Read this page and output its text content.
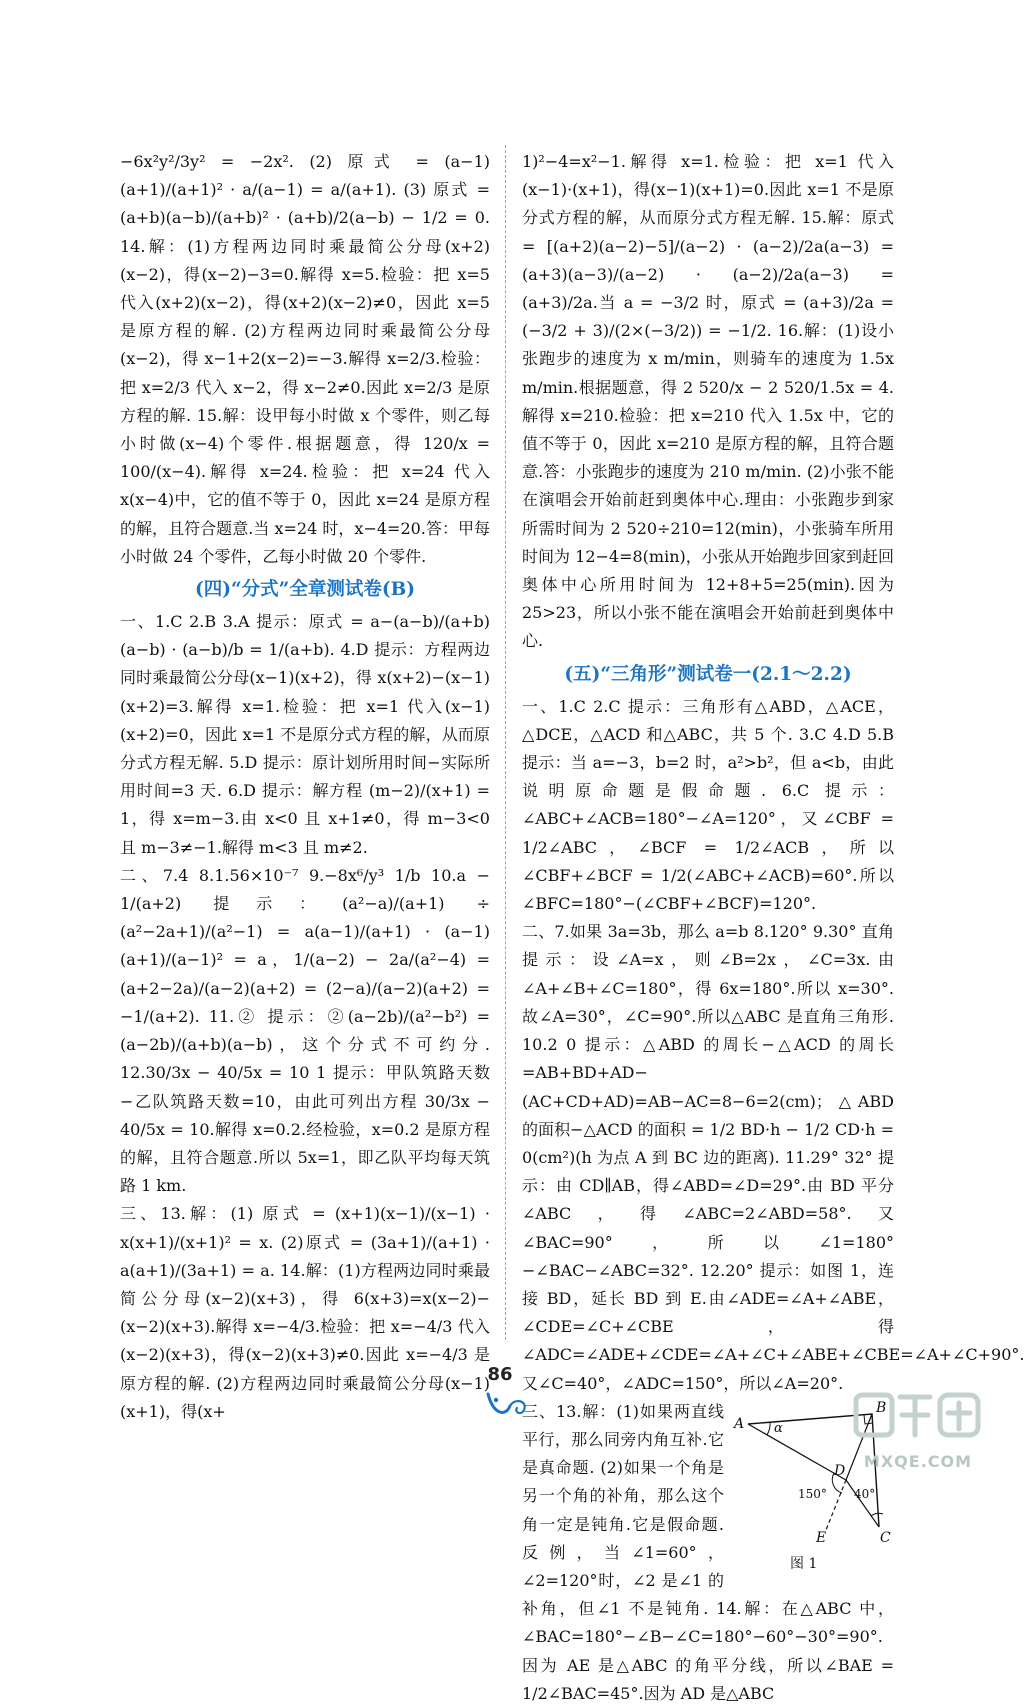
−6x²y²/3y² = −2x². (2) 原式 = (a−1)(a+1)/(a+1)² · a/(a−1) = a/(a+1). (3) 原式 = (a+b)(a−b)/(a+b)² · (a+b)/2(a−b) − 1/2 = 0. 14.解：(1)方程两边同时乘最简公分母(x+2)(x−2)，得(x−2)−3=0.解得 x=5.检验：把 x=5 代入(x+2)(x−2)，得(x+2)(x−2)≠0，因此 x=5 是原方程的解. (2)方程两边同时乘最简公分母(x−2)，得 x−1+2(x−2)=−3.解得 x=2/3.检验：把 x=2/3 代入 x−2，得 x−2≠0.因此 x=2/3 是原方程的解. 15.解：设甲每小时做 x 个零件，则乙每小时做(x−4)个零件.根据题意，得 120/x = 100/(x−4).解得 x=24.检验：把 x=24 代入 x(x−4)中，它的值不等于 0，因此 x=24 是原方程的解，且符合题意.当 x=24 时，x−4=20.答：甲每小时做 24 个零件，乙每小时做 20 个零件.

(四)“分式”全章测试卷(B)

一、1.C 2.B 3.A 提示：原式 = a−(a−b)/(a+b)(a−b) · (a−b)/b = 1/(a+b). 4.D 提示：方程两边同时乘最简公分母(x−1)(x+2)，得 x(x+2)−(x−1)(x+2)=3.解得 x=1.检验：把 x=1 代入(x−1)(x+2)=0，因此 x=1 不是原分式方程的解，从而原分式方程无解. 5.D 提示：原计划所用时间−实际所用时间=3 天. 6.D 提示：解方程 (m−2)/(x+1) = 1，得 x=m−3.由 x<0 且 x+1≠0，得 m−3<0 且 m−3≠−1.解得 m<3 且 m≠2.

二、7.4 8.1.56×10⁻⁷ 9.−8x⁶/y³ 1/b 10.a − 1/(a+2) 提示：(a²−a)/(a+1) ÷ (a²−2a+1)/(a²−1) = a(a−1)/(a+1) · (a−1)(a+1)/(a−1)² = a，1/(a−2) − 2a/(a²−4) = (a+2−2a)/(a−2)(a+2) = (2−a)/(a−2)(a+2) = −1/(a+2). 11.② 提示：②(a−2b)/(a²−b²) = (a−2b)/(a+b)(a−b)，这个分式不可约分. 12.30/3x − 40/5x = 10 1 提示：甲队筑路天数−乙队筑路天数=10，由此可列出方程 30/3x − 40/5x = 10.解得 x=0.2.经检验，x=0.2 是原方程的解，且符合题意.所以 5x=1，即乙队平均每天筑路 1 km.

三、13.解：(1) 原式 = (x+1)(x−1)/(x−1) · x(x+1)/(x+1)² = x. (2)原式 = (3a+1)/(a+1) · a(a+1)/(3a+1) = a. 14.解：(1)方程两边同时乘最简公分母(x−2)(x+3)，得 6(x+3)=x(x−2)−(x−2)(x+3).解得 x=−4/3.检验：把 x=−4/3 代入(x−2)(x+3)，得(x−2)(x+3)≠0.因此 x=−4/3 是原方程的解. (2)方程两边同时乘最简公分母(x−1)(x+1)，得(x+

1)²−4=x²−1.解得 x=1.检验：把 x=1 代入(x−1)·(x+1)，得(x−1)(x+1)=0.因此 x=1 不是原分式方程的解，从而原分式方程无解. 15.解：原式 = [(a+2)(a−2)−5]/(a−2) · (a−2)/2a(a−3) = (a+3)(a−3)/(a−2) · (a−2)/2a(a−3) = (a+3)/2a.当 a = −3/2 时，原式 = (a+3)/2a = (−3/2 + 3)/(2×(−3/2)) = −1/2. 16.解：(1)设小张跑步的速度为 x m/min，则骑车的速度为 1.5x m/min.根据题意，得 2 520/x − 2 520/1.5x = 4.解得 x=210.检验：把 x=210 代入 1.5x 中，它的值不等于 0，因此 x=210 是原方程的解，且符合题意.答：小张跑步的速度为 210 m/min. (2)小张不能在演唱会开始前赶到奥体中心.理由：小张跑步到家所需时间为 2 520÷210=12(min)，小张骑车所用时间为 12−4=8(min)，小张从开始跑步回家到赶回奥体中心所用时间为 12+8+5=25(min).因为 25>23，所以小张不能在演唱会开始前赶到奥体中心.

(五)“三角形”测试卷一(2.1～2.2)

一、1.C 2.C 提示：三角形有△ABD，△ACE，△DCE，△ACD 和△ABC，共 5 个. 3.C 4.D 5.B 提示：当 a=−3，b=2 时，a²>b²，但 a<b，由此说明原命题是假命题. 6.C 提示：∠ABC+∠ACB=180°−∠A=120°，又∠CBF = 1/2∠ABC，∠BCF = 1/2∠ACB，所以∠CBF+∠BCF = 1/2(∠ABC+∠ACB)=60°.所以∠BFC=180°−(∠CBF+∠BCF)=120°.

二、7.如果 3a=3b，那么 a=b 8.120° 9.30° 直角 提示：设∠A=x，则∠B=2x，∠C=3x.由∠A+∠B+∠C=180°，得 6x=180°.所以 x=30°.故∠A=30°，∠C=90°.所以△ABC 是直角三角形. 10.2 0 提示：△ABD 的周长−△ACD 的周长=AB+BD+AD−(AC+CD+AD)=AB−AC=8−6=2(cm)；△ABD 的面积−△ACD 的面积 = 1/2 BD·h − 1/2 CD·h = 0(cm²)(h 为点 A 到 BC 边的距离). 11.29° 32° 提示：由 CD∥AB，得∠ABD=∠D=29°.由 BD 平分∠ABC，得∠ABC=2∠ABD=58°.又∠BAC=90°，所以∠1=180°−∠BAC−∠ABC=32°. 12.20° 提示：如图 1，连接 BD，延长 BD 到 E.由∠ADE=∠A+∠ABE，∠CDE=∠C+∠CBE，得∠ADC=∠ADE+∠CDE=∠A+∠C+∠ABE+∠CBE=∠A+∠C+90°.又∠C=40°，∠ADC=150°，所以∠A=20°.

A
B
C
D
E
α
150° 40°
图 1

三、13.解：(1)如果两直线平行，那么同旁内角互补.它是真命题. (2)如果一个角是另一个角的补角，那么这个角一定是钝角.它是假命题.反例，当∠1=60°，∠2=120°时，∠2 是∠1 的补角，但∠1 不是钝角. 14.解：在△ABC 中，∠BAC=180°−∠B−∠C=180°−60°−30°=90°.因为 AE 是△ABC 的角平分线，所以∠BAE = 1/2∠BAC=45°.因为 AD 是△ABC

86
MXQE.COM
